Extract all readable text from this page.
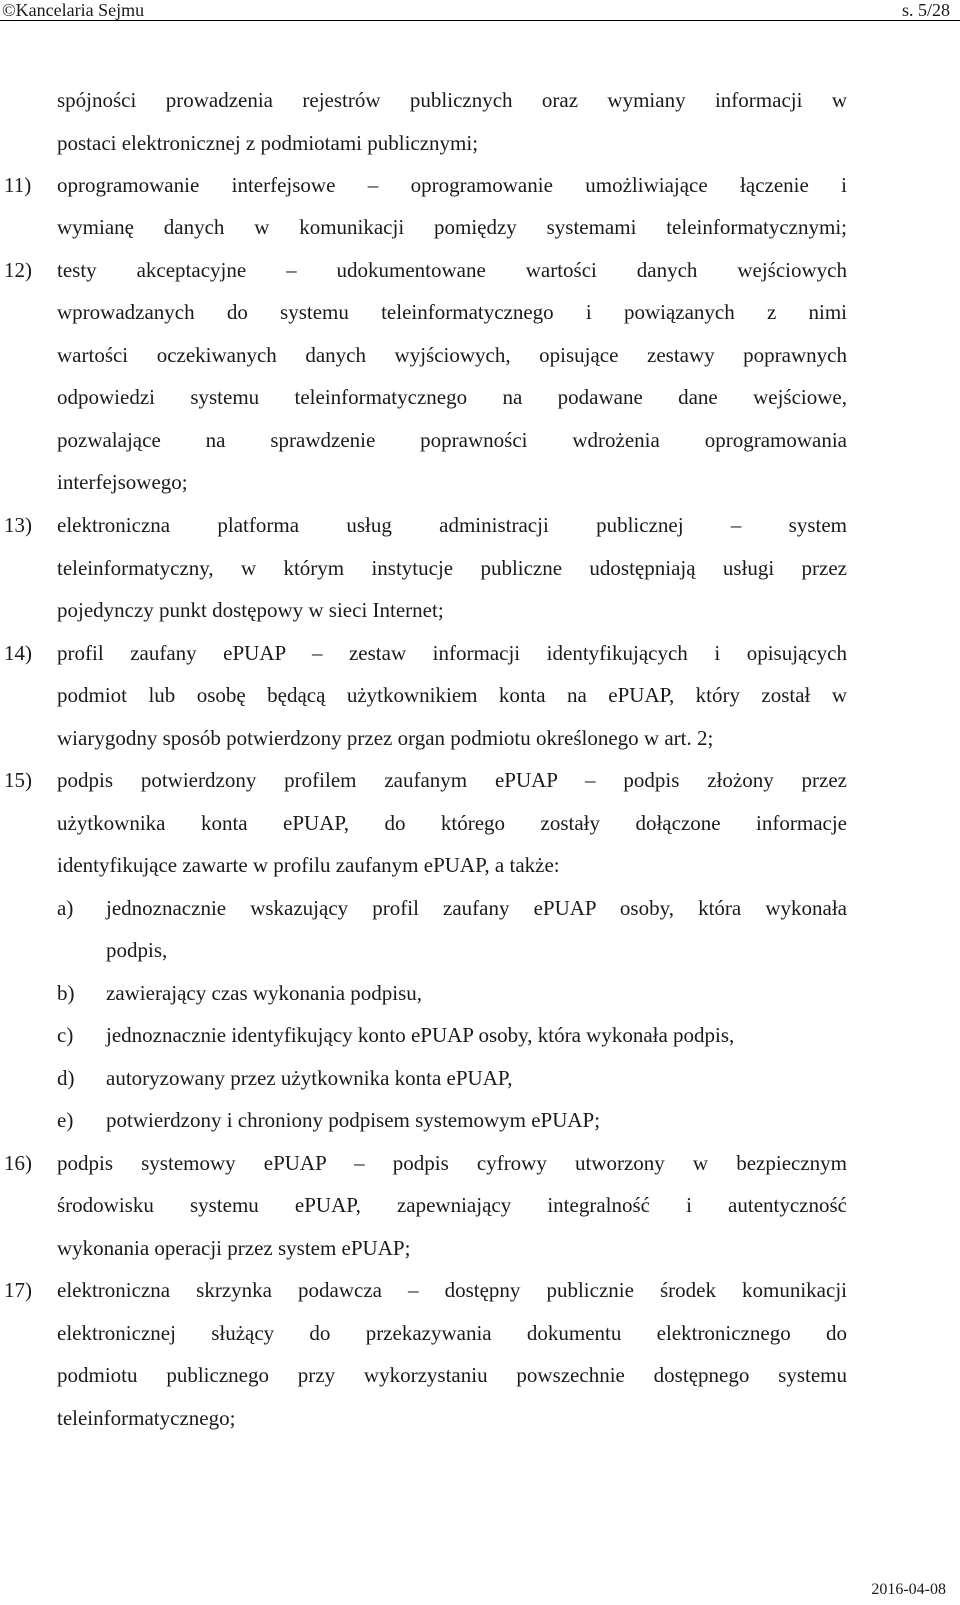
©Kancelaria Sejmu	s. 5/28
spójności prowadzenia rejestrów publicznych oraz wymiany informacji w
postaci elektronicznej z podmiotami publicznymi;
11) oprogramowanie interfejsowe – oprogramowanie umożliwiające łączenie i
wymianę danych w komunikacji pomiędzy systemami teleinformatycznymi;
12) testy akceptacyjne – udokumentowane wartości danych wejściowych
wprowadzanych do systemu teleinformatycznego i powiązanych z nimi
wartości oczekiwanych danych wyjściowych, opisujące zestawy poprawnych
odpowiedzi systemu teleinformatycznego na podawane dane wejściowe,
pozwalające na sprawdzenie poprawności wdrożenia oprogramowania
interfejsowego;
13) elektroniczna platforma usług administracji publicznej – system
teleinformatyczny, w którym instytucje publiczne udostępniają usługi przez
pojedynczy punkt dostępowy w sieci Internet;
14) profil zaufany ePUAP – zestaw informacji identyfikujących i opisujących
podmiot lub osobę będącą użytkownikiem konta na ePUAP, który został w
wiarygodny sposób potwierdzony przez organ podmiotu określonego w art. 2;
15) podpis potwierdzony profilem zaufanym ePUAP – podpis złożony przez
użytkownika konta ePUAP, do którego zostały dołączone informacje
identyfikujące zawarte w profilu zaufanym ePUAP, a także:
a) jednoznacznie wskazujący profil zaufany ePUAP osoby, która wykonała
podpis,
b) zawierający czas wykonania podpisu,
c) jednoznacznie identyfikujący konto ePUAP osoby, która wykonała podpis,
d) autoryzowany przez użytkownika konta ePUAP,
e) potwierdzony i chroniony podpisem systemowym ePUAP;
16) podpis systemowy ePUAP – podpis cyfrowy utworzony w bezpiecznym
środowisku systemu ePUAP, zapewniający integralność i autentyczność
wykonania operacji przez system ePUAP;
17) elektroniczna skrzynka podawcza – dostępny publicznie środek komunikacji
elektronicznej służący do przekazywania dokumentu elektronicznego do
podmiotu publicznego przy wykorzystaniu powszechnie dostępnego systemu
teleinformatycznego;
2016-04-08
